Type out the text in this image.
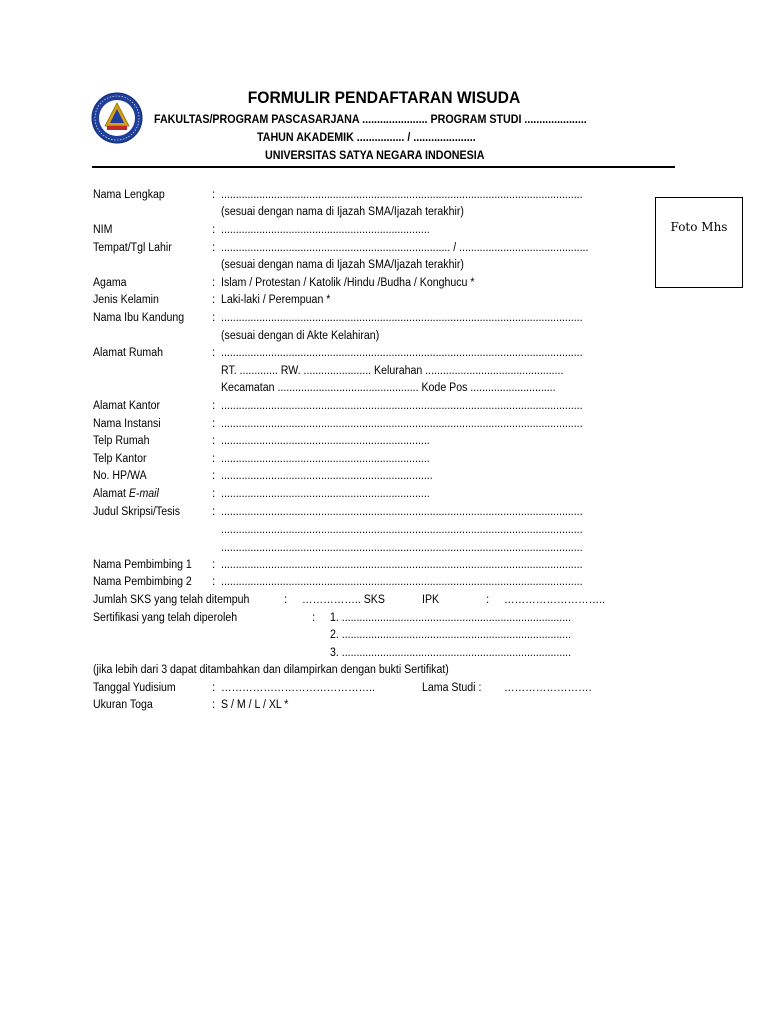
FORMULIR PENDAFTARAN WISUDA
FAKULTAS/PROGRAM PASCASARJANA ...................... PROGRAM STUDI .....................
TAHUN AKADEMIK ................ / .....................
UNIVERSITAS SATYA NEGARA INDONESIA
Foto Mhs
Nama Lengkap	: ...........................................................................................................................
(sesuai dengan nama di Ijazah SMA/Ijazah terakhir)
NIM	: .......................................................................
Tempat/Tgl Lahir	: .............................................................................. / ............................................
(sesuai dengan nama di Ijazah SMA/Ijazah terakhir)
Agama	: Islam / Protestan / Katolik /Hindu /Budha / Konghucu *
Jenis Kelamin	: Laki-laki / Perempuan *
Nama Ibu Kandung : ...........................................................................................................................
(sesuai dengan di Akte Kelahiran)
Alamat Rumah	: ...........................................................................................................................
RT. ............. RW. ....................... Kelurahan ...............................................
Kecamatan ................................................ Kode Pos .............................
Alamat Kantor	: ...........................................................................................................................
Nama Instansi	: ...........................................................................................................................
Telp Rumah	: .......................................................................
Telp Kantor	: .......................................................................
No. HP/WA	: ........................................................................
Alamat E-mail	: .......................................................................
Judul Skripsi/Tesis	: ...........................................................................................................................
...........................................................................................................................
...........................................................................................................................
Nama Pembimbing 1 : ...........................................................................................................................
Nama Pembimbing 2 : ...........................................................................................................................
Jumlah SKS yang telah ditempuh	: …………….. SKS	IPK	: ………………………..
Sertifikasi yang telah diperoleh	: 1. ..............................................................................
2. ..............................................................................
3. ..............................................................................
(jika lebih dari 3 dapat ditambahkan dan dilampirkan dengan bukti Sertifikat)
Tanggal Yudisium	: ……………………………………..	Lama Studi : …………………….
Ukuran Toga	: S / M / L / XL *
